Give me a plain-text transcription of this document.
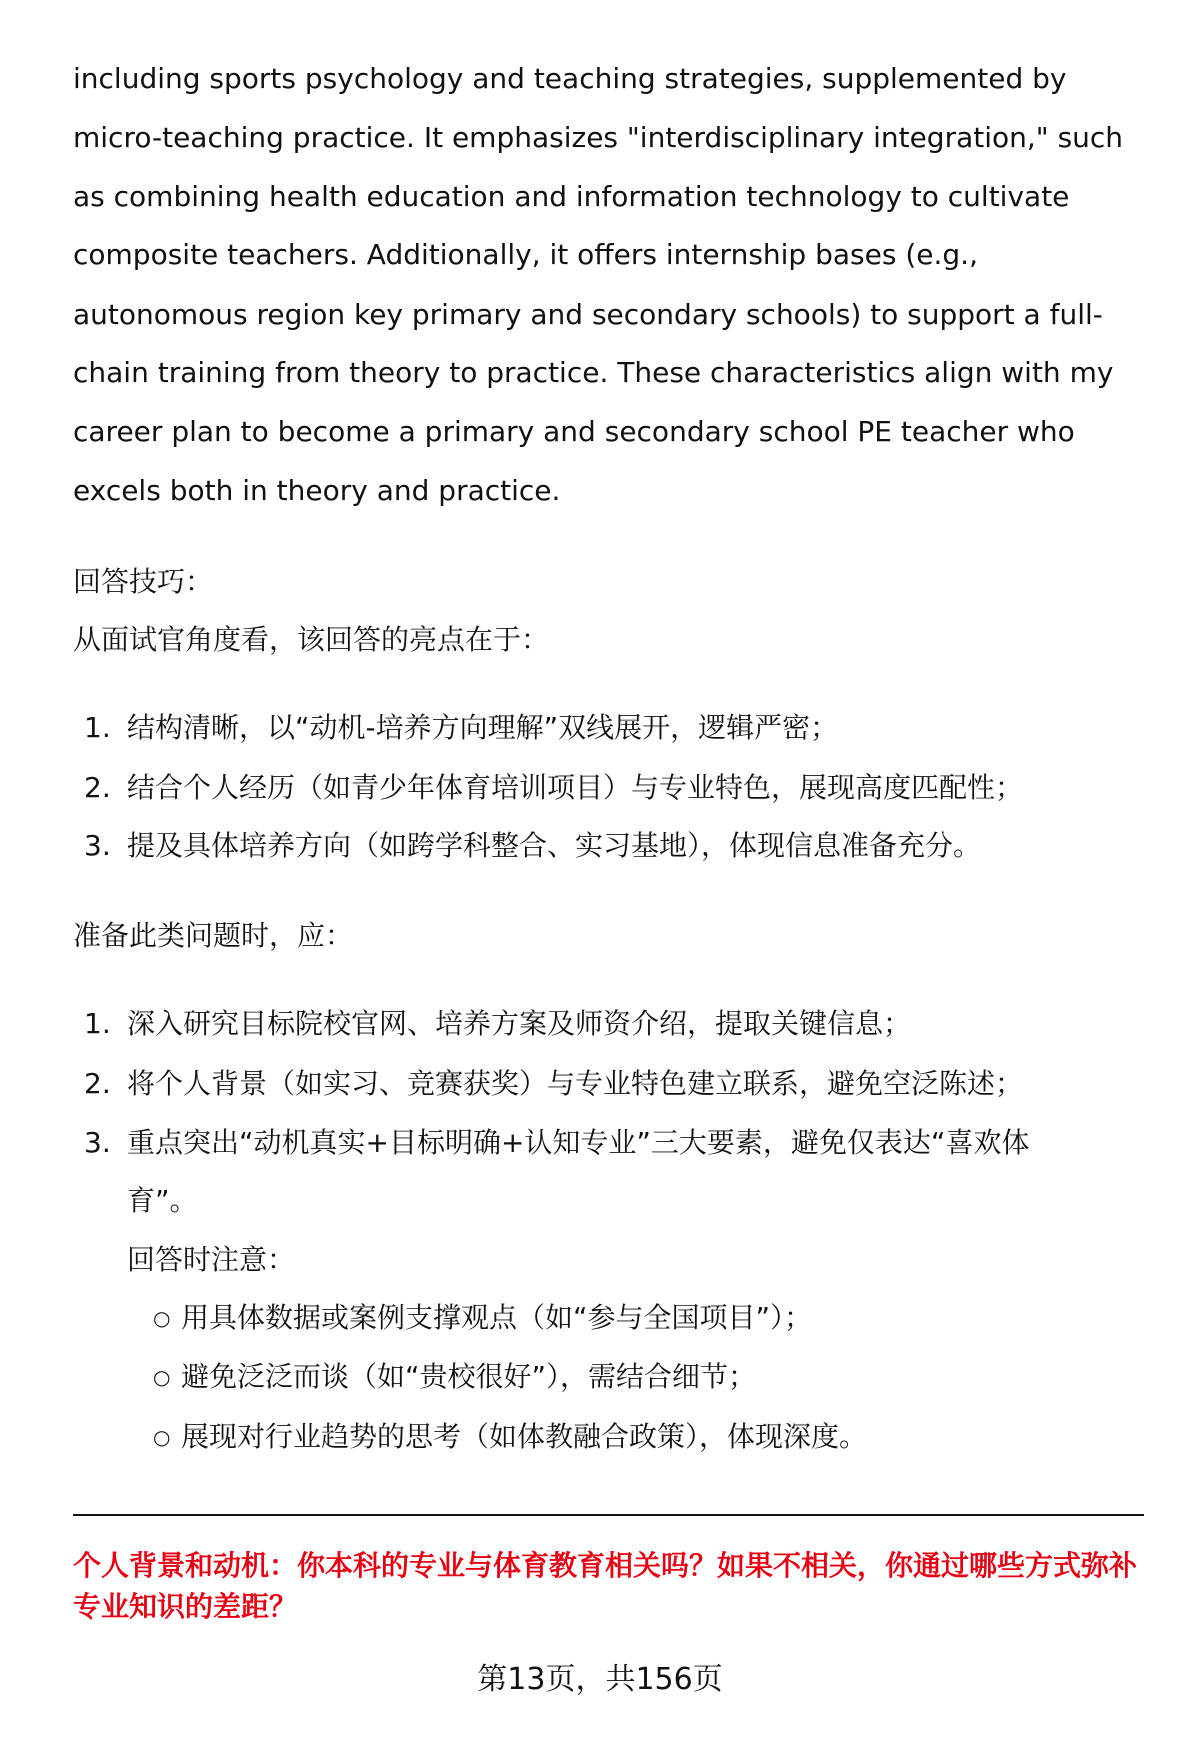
including sports psychology and teaching strategies, supplemented by
micro-teaching practice. It emphasizes "interdisciplinary integration," such
as combining health education and information technology to cultivate
composite teachers. Additionally, it offers internship bases (e.g.,
autonomous region key primary and secondary schools) to support a full-
chain training from theory to practice. These characteristics align with my
career plan to become a primary and secondary school PE teacher who
excels both in theory and practice.
回答技巧：
从面试官角度看，该回答的亮点在于：
1. 结构清晰，以“动机-培养方向理解”双线展开，逻辑严密；
2. 结合个人经历（如青少年体育培训项目）与专业特色，展现高度匹配性；
3. 提及具体培养方向（如跨学科整合、实习基地），体现信息准备充分。
准备此类问题时，应：
1. 深入研究目标院校官网、培养方案及师资介绍，提取关键信息；
2. 将个人背景（如实习、竞赛获奖）与专业特色建立联系，避免空泛陈述；
3. 重点突出“动机真实+目标明确+认知专业”三大要素，避免仅表达“喜欢体
育”。
回答时注意：
○ 用具体数据或案例支撑观点（如“参与全国项目”）；
○ 避免泛泛而谈（如“贵校很好”），需结合细节；
○ 展现对行业趋势的思考（如体教融合政策），体现深度。
个人背景和动机：你本科的专业与体育教育相关吗？如果不相关，你通过哪些方式弥补专业知识的差距？
第13页，共156页
